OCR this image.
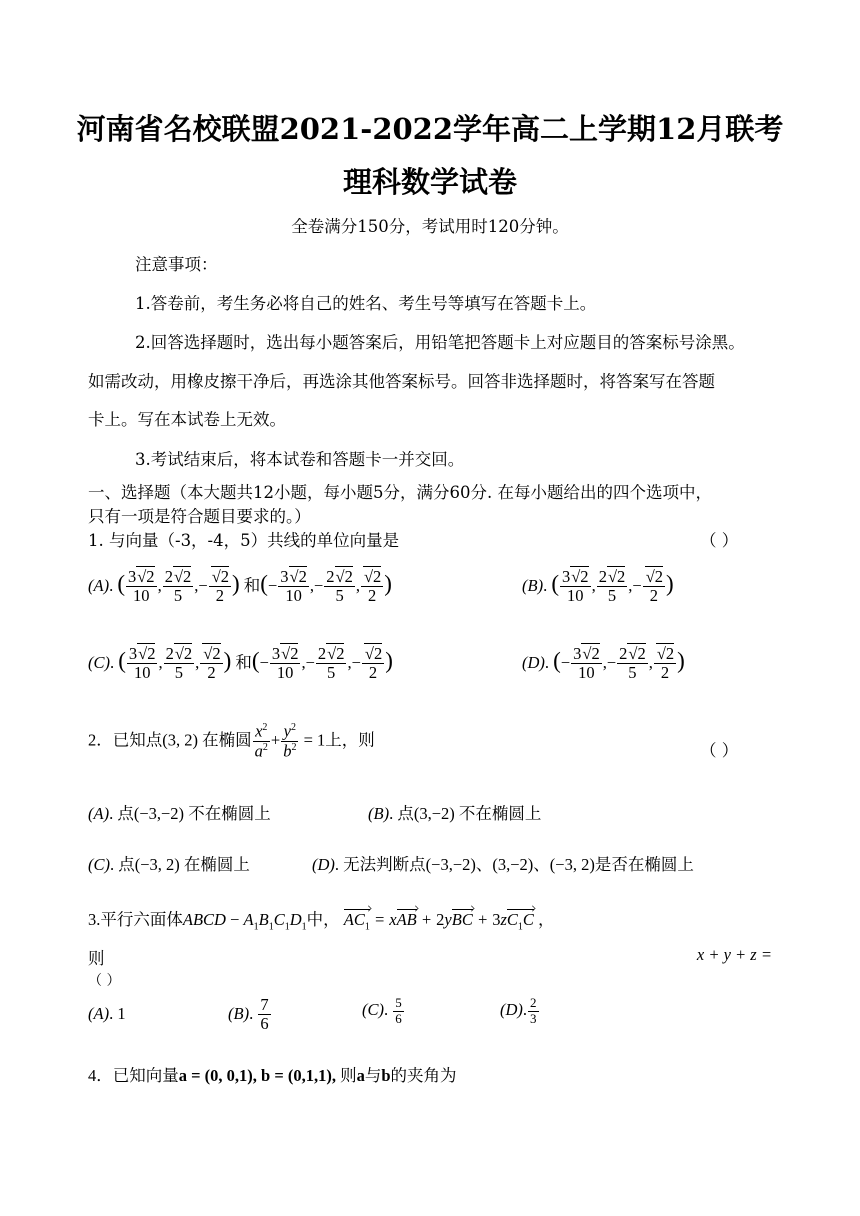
河南省名校联盟2021-2022学年高二上学期12月联考
理科数学试卷
全卷满分150分，考试用时120分钟。
注意事项：
1.答卷前，考生务必将自己的姓名、考生号等填写在答题卡上。
2.回答选择题时，选出每小题答案后，用铅笔把答题卡上对应题目的答案标号涂黑。
如需改动，用橡皮擦干净后，再选涂其他答案标号。回答非选择题时，将答案写在答题
卡上。写在本试卷上无效。
3.考试结束后，将本试卷和答题卡一并交回。
一、选择题（本大题共12小题，每小题5分，满分60分. 在每小题给出的四个选项中，
只有一项是符合题目要求的。）
1. 与向量（-3，-4，5）共线的单位向量是	（ ）
(A). ( $\frac{3√2}{10}$ , $\frac{2√2}{5}$ ,− $\frac{√2}{2}$ ) 和(− $\frac{3√2}{10}$ ,− $\frac{2√2}{5}$ , $\frac{√2}{2}$ )	(B). ( $\frac{3√2}{10}$ , $\frac{2√2}{5}$ ,− $\frac{√2}{2}$ )
(C). ( $\frac{3√2}{10}$ , $\frac{2√2}{5}$ , $\frac{√2}{2}$ ) 和(− $\frac{3√2}{10}$ ,− $\frac{2√2}{5}$ ,− $\frac{√2}{2}$ )	(D). (− $\frac{3√2}{10}$ ,− $\frac{2√2}{5}$ , $\frac{√2}{2}$ )
2．已知点(3, 2) 在椭圆 $\frac{x^2}{a^2} + \frac{y^2}{b^2} = 1$上，则
（ ）
(A). 点(−3,−2) 不在椭圆上	(B). 点(3,−2) 不在椭圆上
(C). 点(−3, 2) 在椭圆上	(D). 无法判断点(−3,−2)、(3,−2)、(−3, 2)是否在椭圆上
3.平行六面体ABCD − $A_1B_1C_1D_1$中， $AC_1$ = xAB + $2yBC + 3zC_1C$ ，
则	x + y + z =
（ ）
(A). 1	(B). $\frac{7}{6}$	(C). $\frac{5}{6}$	(D). $\frac{2}{3}$
4．已知向量a = (0, 0,1), b = (0,1,1), 则a与b的夹角为
